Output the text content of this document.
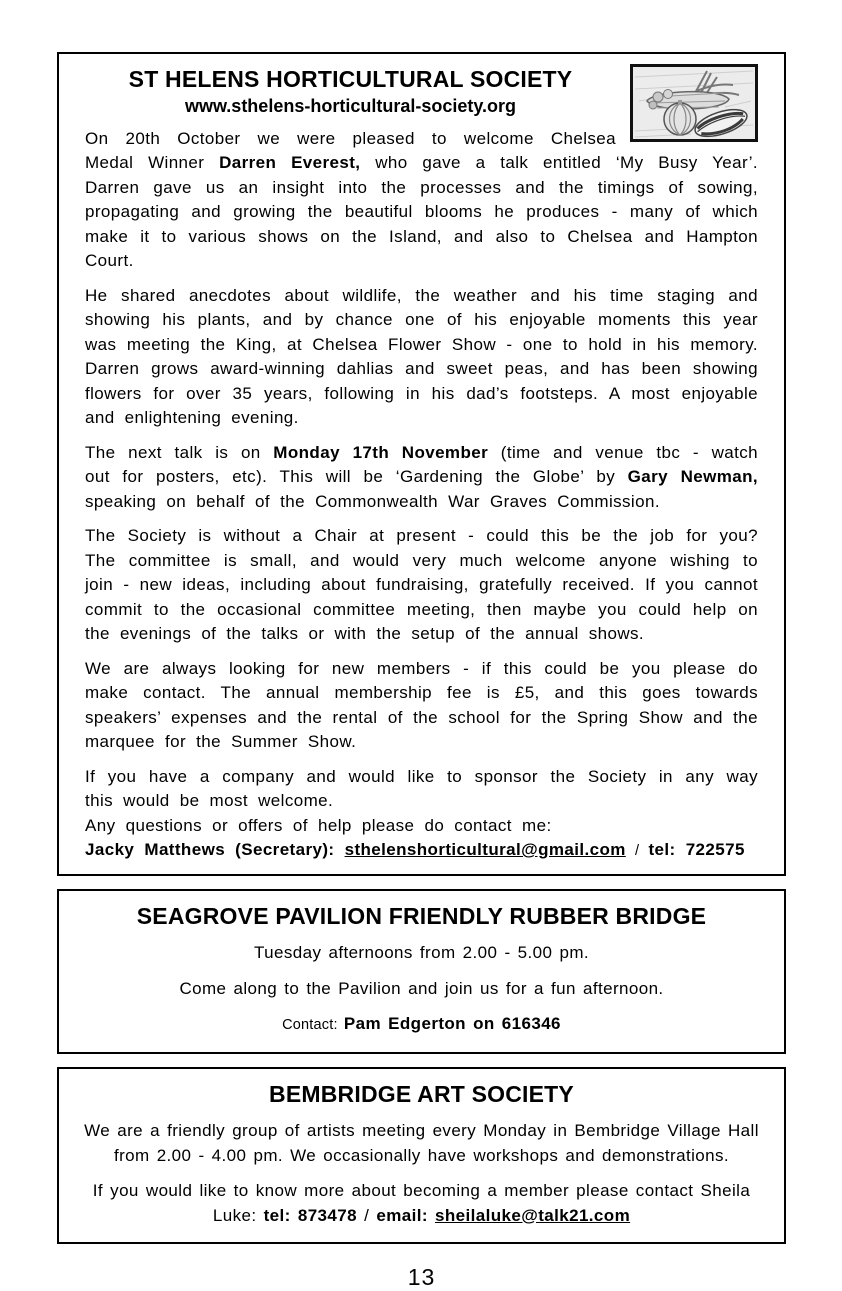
ST HELENS HORTICULTURAL SOCIETY
www.sthelens-horticultural-society.org

On 20th October we were pleased to welcome Chelsea Medal Winner Darren Everest, who gave a talk entitled ‘My Busy Year’. Darren gave us an insight into the processes and the timings of sowing, propagating and growing the beautiful blooms he produces - many of which make it to various shows on the Island, and also to Chelsea and Hampton Court.

He shared anecdotes about wildlife, the weather and his time staging and showing his plants, and by chance one of his enjoyable moments this year was meeting the King, at Chelsea Flower Show - one to hold in his memory. Darren grows award-winning dahlias and sweet peas, and has been showing flowers for over 35 years, following in his dad’s footsteps. A most enjoyable and enlightening evening.

The next talk is on Monday 17th November (time and venue tbc - watch out for posters, etc). This will be ‘Gardening the Globe’ by Gary Newman, speaking on behalf of the Commonwealth War Graves Commission.

The Society is without a Chair at present - could this be the job for you? The committee is small, and would very much welcome anyone wishing to join - new ideas, including about fundraising, gratefully received. If you cannot commit to the occasional committee meeting, then maybe you could help on the evenings of the talks or with the setup of the annual shows.

We are always looking for new members - if this could be you please do make contact. The annual membership fee is £5, and this goes towards speakers’ expenses and the rental of the school for the Spring Show and the marquee for the Summer Show.

If you have a company and would like to sponsor the Society in any way this would be most welcome.

Any questions or offers of help please do contact me:

Jacky Matthews (Secretary): sthelenshorticultural@gmail.com / tel: 722575

SEAGROVE PAVILION FRIENDLY RUBBER BRIDGE

Tuesday afternoons from 2.00 - 5.00 pm.

Come along to the Pavilion and join us for a fun afternoon.

Contact: Pam Edgerton on 616346

BEMBRIDGE ART SOCIETY

We are a friendly group of artists meeting every Monday in Bembridge Village Hall from 2.00 - 4.00 pm. We occasionally have workshops and demonstrations.

If you would like to know more about becoming a member please contact Sheila Luke: tel: 873478 / email: sheilaluke@talk21.com

13
